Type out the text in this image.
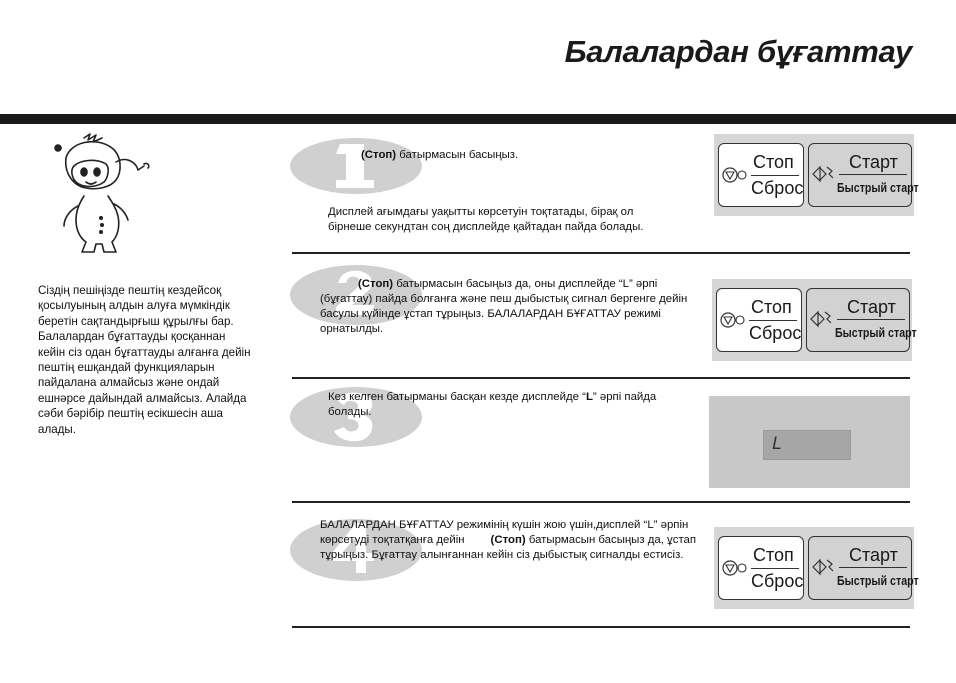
Балалардан бұғаттау
Сіздің пешіңізде пештің кездейсоқ қосылуының алдын алуға мүмкіндік беретін сақтандырғыш құрылғы бар. Балалардан бұғаттауды қосқаннан кейін сіз одан бұғаттауды алғанға дейін пештің ешқандай функцияларын пайдалана алмайсыз және ондай ешнәрсе дайындай алмайсыз. Алайда сәби бәрібір пештің есікшесін аша алады.
(Стоп) батырмасын басыңыз.
Дисплей ағымдағы уақытты көрсетуін тоқтатады, бірақ ол бірнеше секундтан соң дисплейде қайтадан пайда болады.
(Стоп) батырмасын басыңыз да, оны дисплейде “L” әрпі (бұғаттау) пайда болғанға және пеш дыбыстық сигнал бергенге дейін басулы күйінде ұстап тұрыңыз. БАЛАЛАРДАН БҰҒАТТАУ режимі орнатылды.
Кез келген батырманы басқан кезде дисплейде “L” әрпі пайда болады.
БАЛАЛАРДАН БҰҒАТТАУ режимінің күшін жою үшін,дисплей “L” әрпін көрсетуді тоқтатқанға дейін (Стоп) батырмасын басыңыз да, ұстап тұрыңыз. Бұғаттау алынғаннан кейін сіз дыбыстық сигналды естисіз.
Стоп
Сброс
Старт
Быстрый старт
Стоп
Сброс
Старт
Быстрый старт
L
Стоп
Сброс
Старт
Быстрый старт
